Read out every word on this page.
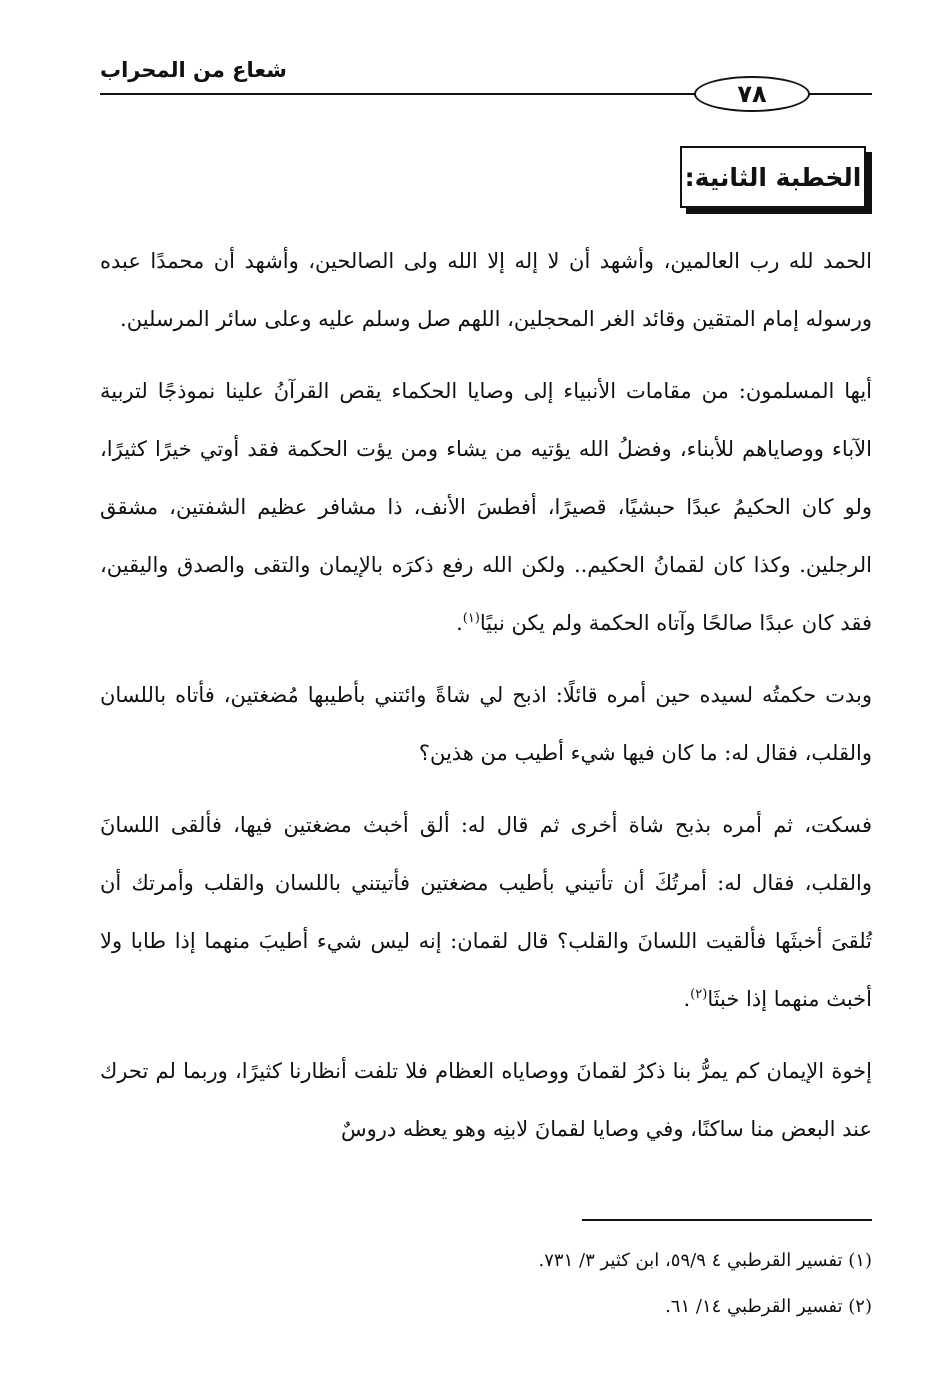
شعاع من المحراب
٧٨
الخطبة الثانية:

الحمد لله رب العالمين، وأشهد أن لا إله إلا الله ولى الصالحين، وأشهد أن محمدًا عبده ورسوله إمام المتقين وقائد الغر المحجلين، اللهم صل وسلم عليه وعلى سائر المرسلين.

أيها المسلمون: من مقامات الأنبياء إلى وصايا الحكماء يقص القرآنُ علينا نموذجًا لتربية الآباء ووصاياهم للأبناء، وفضلُ الله يؤتيه من يشاء ومن يؤت الحكمة فقد أوتي خيرًا كثيرًا، ولو كان الحكيمُ عبدًا حبشيًا، قصيرًا، أفطسَ الأنف، ذا مشافر عظيم الشفتين، مشقق الرجلين. وكذا كان لقمانُ الحكيم.. ولكن الله رفع ذكرَه بالإيمان والتقى والصدق واليقين، فقد كان عبدًا صالحًا وآتاه الحكمة ولم يكن نبيًا$^{(١)}$.

وبدت حكمتُه لسيده حين أمره قائلًا: اذبح لي شاةً وائتني بأطيبها مُضغتين، فأتاه باللسان والقلب، فقال له: ما كان فيها شيء أطيب من هذين؟

فسكت، ثم أمره بذبح شاة أخرى ثم قال له: ألق أخبث مضغتين فيها، فألقى اللسانَ والقلب، فقال له: أمرتُكَ أن تأتيني بأطيب مضغتين فأتيتني باللسان والقلب وأمرتك أن تُلقىَ أخبثَها فألقيت اللسانَ والقلب؟ قال لقمان: إنه ليس شيء أطيبَ منهما إذا طابا ولا أخبث منهما إذا خبثَا$^{(٢)}$.

إخوة الإيمان كم يمرُّ بنا ذكرُ لقمانَ ووصاياه العظام فلا تلفت أنظارنا كثيرًا، وربما لم تحرك عند البعض منا ساكنًا، وفي وصايا لقمانَ لابنِه وهو يعظه دروسٌ

(١) تفسير القرطبي ٤ ٥٩/٩، ابن كثير ٣/ ٧٣١.
(٢) تفسير القرطبي ١٤/ ٦١.
